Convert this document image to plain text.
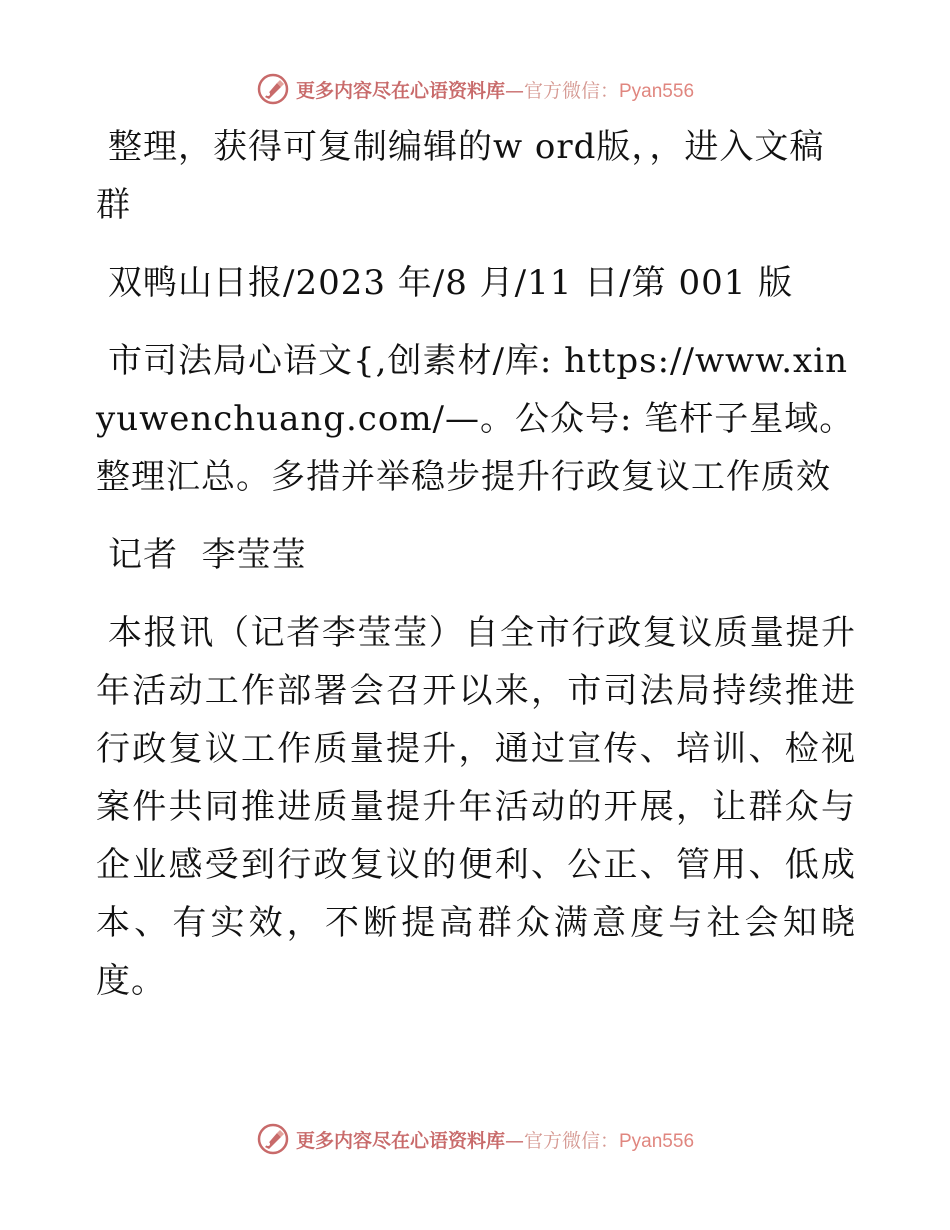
更多内容尽在心语资料库—官方微信：Pyan556

整理，获得可复制编辑的w ord版，，进入文稿群

双鸭山日报/2023 年/8 月/11 日/第 001 版

市司法局心语文{,创素材/库: https://www.xinyuwenchuang.com/—。公众号: 笔杆子星域。整理汇总。多措并举稳步提升行政复议工作质效

记者  李莹莹

本报讯（记者李莹莹）自全市行政复议质量提升年活动工作部署会召开以来，市司法局持续推进行政复议工作质量提升，通过宣传、培训、检视案件共同推进质量提升年活动的开展，让群众与企业感受到行政复议的便利、公正、管用、低成本、有实效，不断提高群众满意度与社会知晓度。

更多内容尽在心语资料库—官方微信：Pyan556
